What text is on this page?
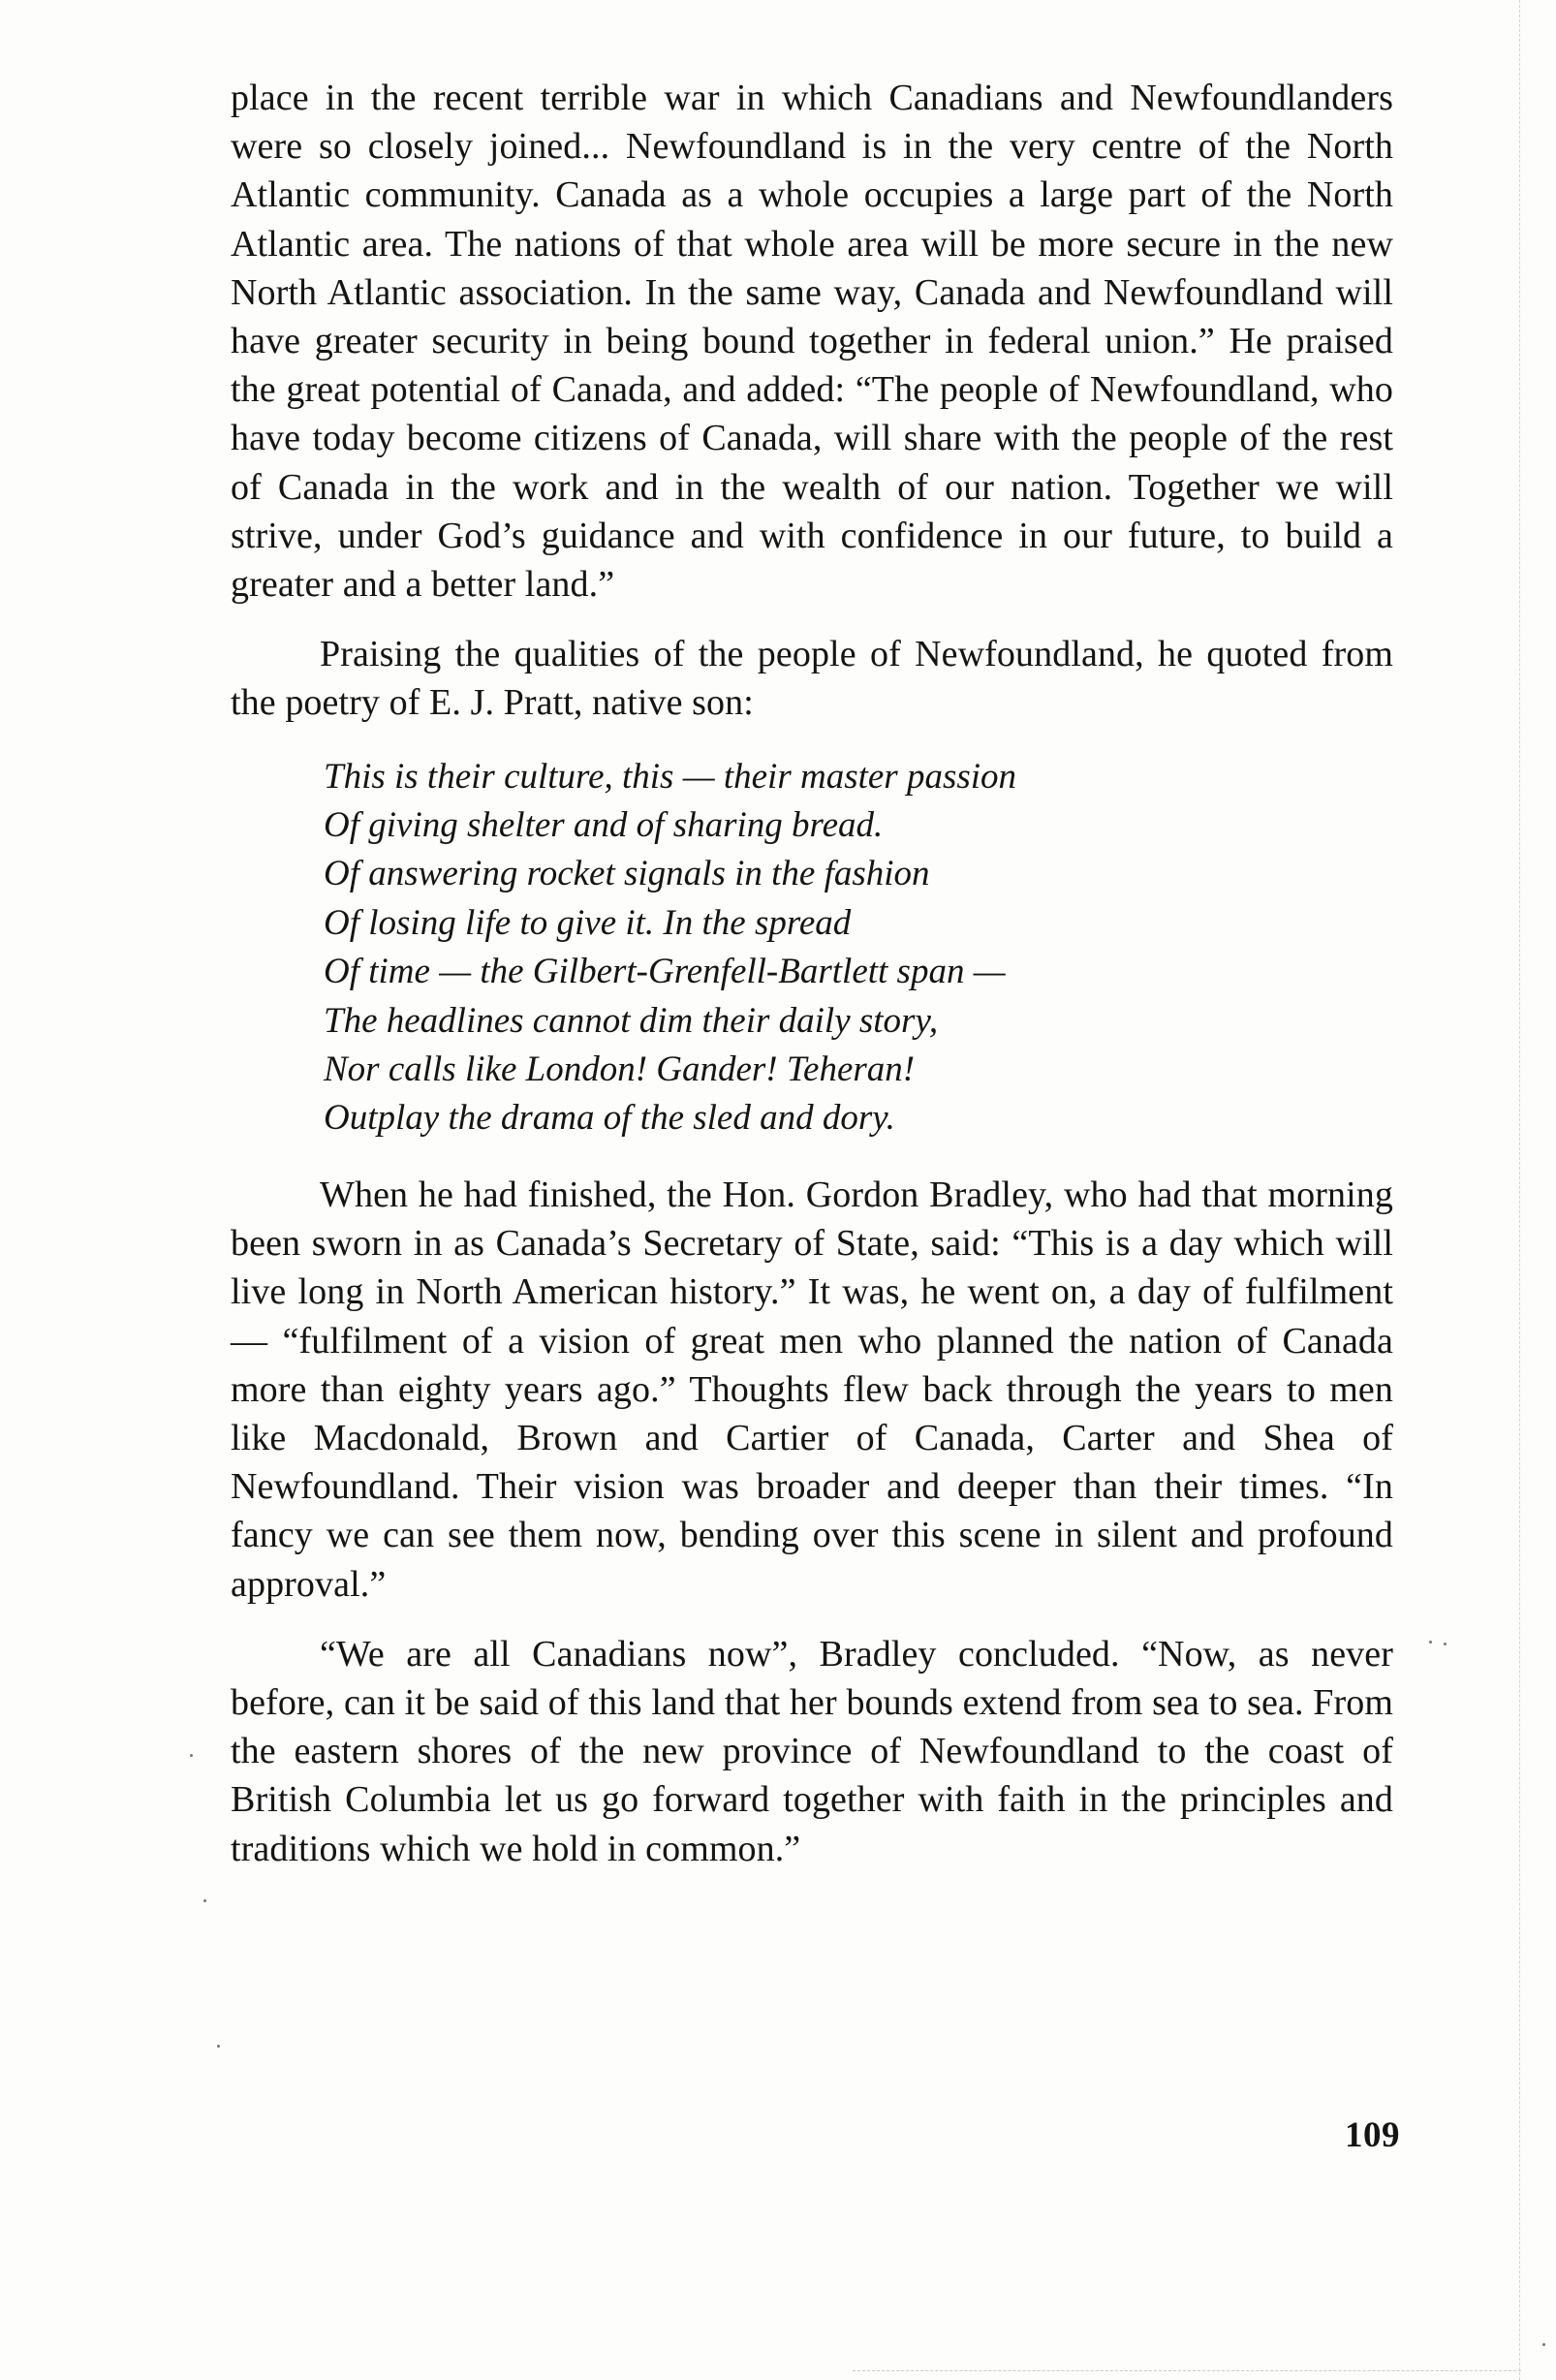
place in the recent terrible war in which Canadians and Newfoundlanders were so closely joined... Newfoundland is in the very centre of the North Atlantic community. Canada as a whole occupies a large part of the North Atlantic area. The nations of that whole area will be more secure in the new North Atlantic association. In the same way, Canada and Newfoundland will have greater security in being bound together in federal union.” He praised the great potential of Canada, and added: “The people of Newfoundland, who have today become citizens of Canada, will share with the people of the rest of Canada in the work and in the wealth of our nation. Together we will strive, under God’s guidance and with confidence in our future, to build a greater and a better land.”

Praising the qualities of the people of Newfoundland, he quoted from the poetry of E. J. Pratt, native son:

This is their culture, this — their master passion
Of giving shelter and of sharing bread.
Of answering rocket signals in the fashion
Of losing life to give it. In the spread
Of time — the Gilbert-Grenfell-Bartlett span —
The headlines cannot dim their daily story,
Nor calls like London! Gander! Teheran!
Outplay the drama of the sled and dory.

When he had finished, the Hon. Gordon Bradley, who had that morning been sworn in as Canada’s Secretary of State, said: “This is a day which will live long in North American history.” It was, he went on, a day of fulfilment — “fulfilment of a vision of great men who planned the nation of Canada more than eighty years ago.” Thoughts flew back through the years to men like Macdonald, Brown and Cartier of Canada, Carter and Shea of Newfoundland. Their vision was broader and deeper than their times. “In fancy we can see them now, bending over this scene in silent and profound approval.”

“We are all Canadians now”, Bradley concluded. “Now, as never before, can it be said of this land that her bounds extend from sea to sea. From the eastern shores of the new province of Newfoundland to the coast of British Columbia let us go forward together with faith in the principles and traditions which we hold in common.”

109
